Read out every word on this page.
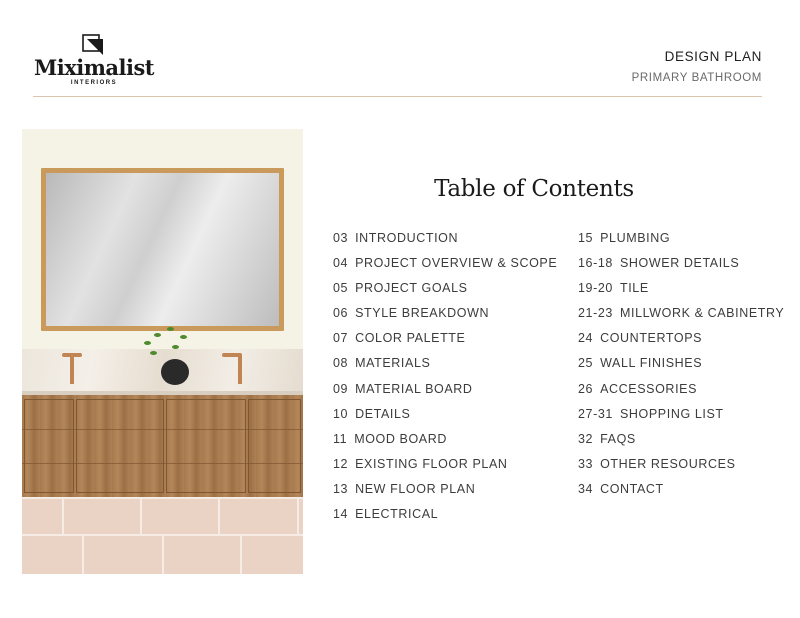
Miximalist
INTERIORS
DESIGN PLAN
PRIMARY BATHROOM
Table of Contents
03 INTRODUCTION
04 PROJECT OVERVIEW & SCOPE
05 PROJECT GOALS
06 STYLE BREAKDOWN
07 COLOR PALETTE
08 MATERIALS
09 MATERIAL BOARD
10 DETAILS
11 MOOD BOARD
12 EXISTING FLOOR PLAN
13 NEW FLOOR PLAN
14 ELECTRICAL
15 PLUMBING
16-18 SHOWER DETAILS
19-20 TILE
21-23 MILLWORK & CABINETRY
24 COUNTERTOPS
25 WALL FINISHES
26 ACCESSORIES
27-31 SHOPPING LIST
32 FAQS
33 OTHER RESOURCES
34 CONTACT
